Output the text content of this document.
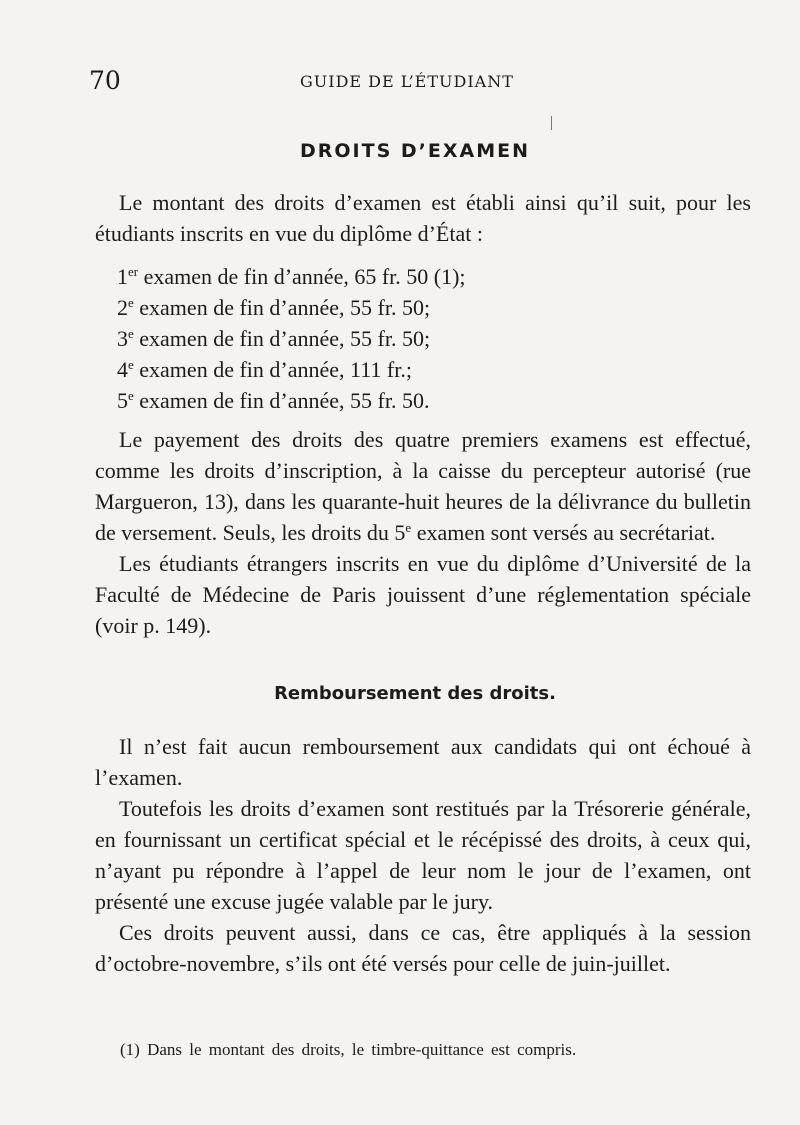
70	GUIDE DE L’ÉTUDIANT
DROITS D’EXAMEN

Le montant des droits d’examen est établi ainsi qu’il suit, pour les étudiants inscrits en vue du diplôme d’État :

1er examen de fin d’année, 65 fr. 50 (1);
2e examen de fin d’année, 55 fr. 50;
3e examen de fin d’année, 55 fr. 50;
4e examen de fin d’année, 111 fr.;
5e examen de fin d’année, 55 fr. 50.

Le payement des droits des quatre premiers examens est effectué, comme les droits d’inscription, à la caisse du percepteur autorisé (rue Margueron, 13), dans les quarante-huit heures de la délivrance du bulletin de versement. Seuls, les droits du 5e examen sont versés au secrétariat.

Les étudiants étrangers inscrits en vue du diplôme d’Université de la Faculté de Médecine de Paris jouissent d’une réglementation spéciale (voir p. 149).

Remboursement des droits.

Il n’est fait aucun remboursement aux candidats qui ont échoué à l’examen.

Toutefois les droits d’examen sont restitués par la Trésorerie générale, en fournissant un certificat spécial et le récépissé des droits, à ceux qui, n’ayant pu répondre à l’appel de leur nom le jour de l’examen, ont présenté une excuse jugée valable par le jury.

Ces droits peuvent aussi, dans ce cas, être appliqués à la session d’octobre-novembre, s’ils ont été versés pour celle de juin-juillet.

(1) Dans le montant des droits, le timbre-quittance est compris.
